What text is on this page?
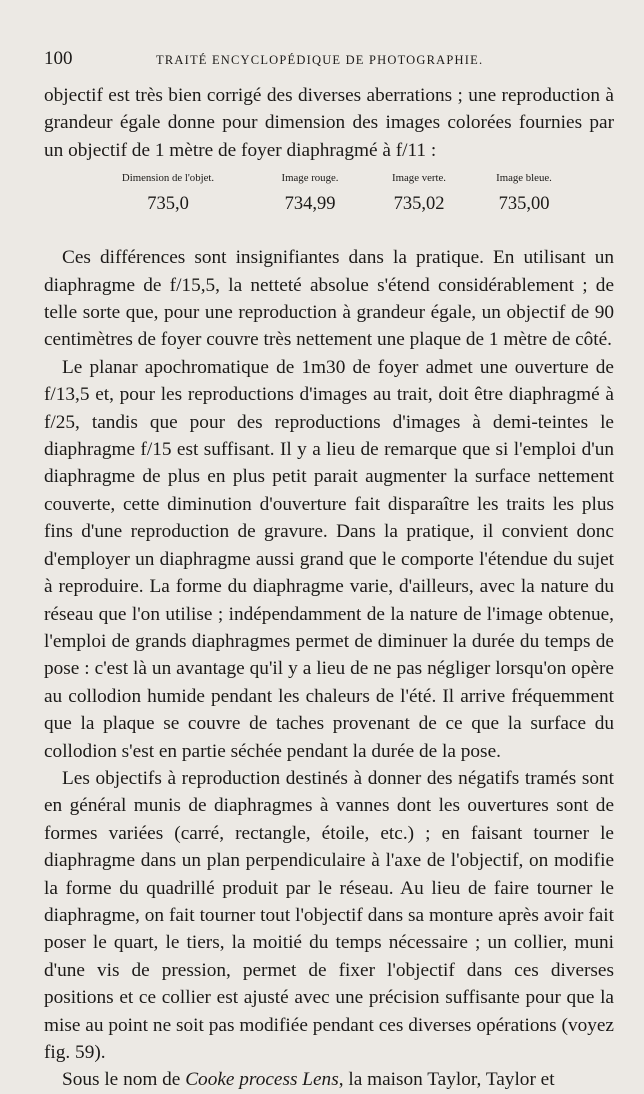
100	TRAITÉ ENCYCLOPÉDIQUE DE PHOTOGRAPHIE.

objectif est très bien corrigé des diverses aberrations ; une reproduction à grandeur égale donne pour dimension des images colorées fournies par un objectif de 1 mètre de foyer diaphragmé à f/11 :

Dimension de l'objet.	Image rouge.	Image verte.	Image bleue.
735,0	734,99	735,02	735,00

Ces différences sont insignifiantes dans la pratique. En utilisant un diaphragme de f/15,5, la netteté absolue s'étend considérablement ; de telle sorte que, pour une reproduction à grandeur égale, un objectif de 90 centimètres de foyer couvre très nettement une plaque de 1 mètre de côté.

Le planar apochromatique de 1m30 de foyer admet une ouverture de f/13,5 et, pour les reproductions d'images au trait, doit être diaphragmé à f/25, tandis que pour des reproductions d'images à demi-teintes le diaphragme f/15 est suffisant. Il y a lieu de remarque que si l'emploi d'un diaphragme de plus en plus petit parait augmenter la surface nettement couverte, cette diminution d'ouverture fait disparaître les traits les plus fins d'une reproduction de gravure. Dans la pratique, il convient donc d'employer un diaphragme aussi grand que le comporte l'étendue du sujet à reproduire. La forme du diaphragme varie, d'ailleurs, avec la nature du réseau que l'on utilise ; indépendamment de la nature de l'image obtenue, l'emploi de grands diaphragmes permet de diminuer la durée du temps de pose : c'est là un avantage qu'il y a lieu de ne pas négliger lorsqu'on opère au collodion humide pendant les chaleurs de l'été. Il arrive fréquemment que la plaque se couvre de taches provenant de ce que la surface du collodion s'est en partie séchée pendant la durée de la pose.

Les objectifs à reproduction destinés à donner des négatifs tramés sont en général munis de diaphragmes à vannes dont les ouvertures sont de formes variées (carré, rectangle, étoile, etc.) ; en faisant tourner le diaphragme dans un plan perpendiculaire à l'axe de l'objectif, on modifie la forme du quadrillé produit par le réseau. Au lieu de faire tourner le diaphragme, on fait tourner tout l'objectif dans sa monture après avoir fait poser le quart, le tiers, la moitié du temps nécessaire ; un collier, muni d'une vis de pression, permet de fixer l'objectif dans ces diverses positions et ce collier est ajusté avec une précision suffisante pour que la mise au point ne soit pas modifiée pendant ces diverses opérations (voyez fig. 59).

Sous le nom de Cooke process Lens, la maison Taylor, Taylor et
